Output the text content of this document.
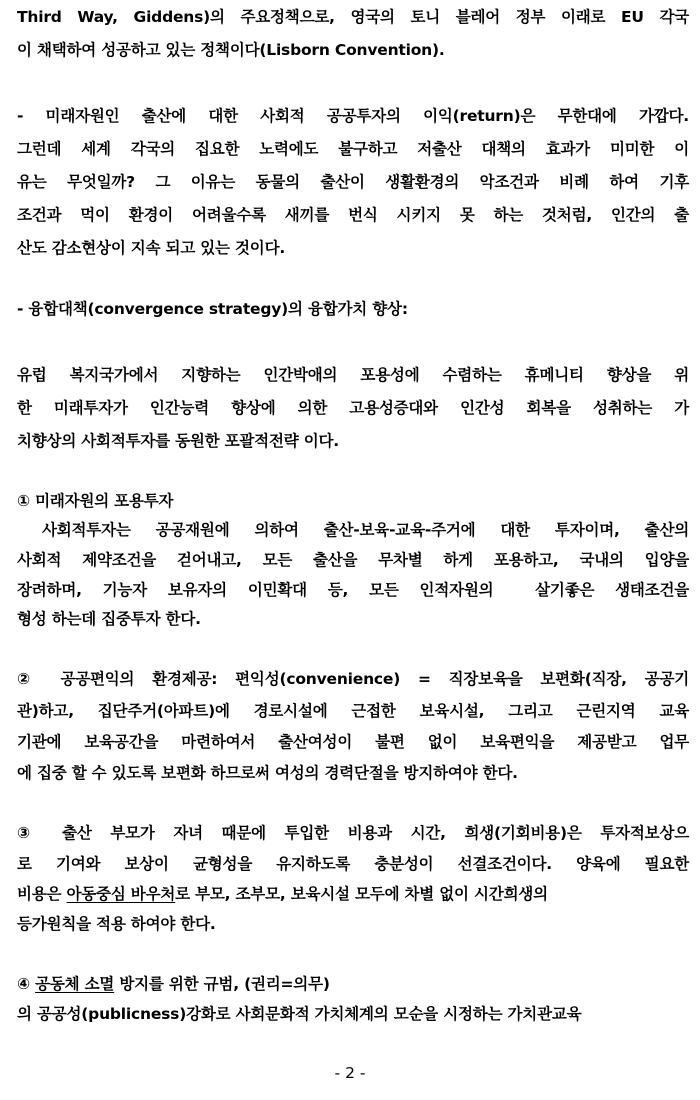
Third Way, Giddens)의 주요정책으로, 영국의 토니 블레어 정부 이래로 EU 각국
이 채택하여 성공하고 있는 정책이다(Lisborn Convention).
- 미래자원인 출산에 대한 사회적 공공투자의 이익(return)은 무한대에 가깝다.
그런데 세계 각국의 집요한 노력에도 불구하고 저출산 대책의 효과가 미미한 이
유는 무엇일까? 그 이유는 동물의 출산이 생활환경의 악조건과 비례 하여 기후
조건과 먹이 환경이 어려울수록 새끼를 번식 시키지 못 하는 것처럼, 인간의 출
산도 감소현상이 지속 되고 있는 것이다.
- 융합대책(convergence strategy)의 융합가치 향상:
유럽 복지국가에서 지향하는 인간박애의 포용성에 수렴하는 휴메니티 향상을 위
한 미래투자가 인간능력 향상에 의한 고용성증대와 인간성 회복을 성취하는 가
치향상의 사회적투자를 동원한 포괄적전략 이다.
① 미래자원의 포용투자
사회적투자는 공공재원에 의하여 출산-보육-교육-주거에 대한 투자이며, 출산의
사회적 제약조건을 걷어내고, 모든 출산을 무차별 하게 포용하고, 국내의 입양을
장려하며, 기능자 보유자의 이민확대 등, 모든 인적자원의  살기좋은 생태조건을
형성 하는데 집중투자 한다.
② 공공편익의 환경제공: 편익성(convenience) = 직장보육을 보편화(직장, 공공기
관)하고, 집단주거(아파트)에 경로시설에 근접한 보육시설, 그리고 근린지역 교육
기관에 보육공간을 마련하여서 출산여성이 불편 없이 보육편익을 제공받고 업무
에 집중 할 수 있도록 보편화 하므로써 여성의 경력단절을 방지하여야 한다.
③ 출산 부모가 자녀 때문에 투입한 비용과 시간, 희생(기회비용)은 투자적보상으
로 기여와 보상이 균형성을 유지하도록 충분성이 선결조건이다. 양육에 필요한
비용은 아동중심 바우처로 부모, 조부모, 보육시설 모두에 차별 없이 시간희생의
등가원칙을 적용 하여야 한다.
④ 공동체 소멸 방지를 위한 규범, (권리=의무)
의 공공성(publicness)강화로 사회문화적 가치체계의 모순을 시정하는 가치관교육
- 2 -
